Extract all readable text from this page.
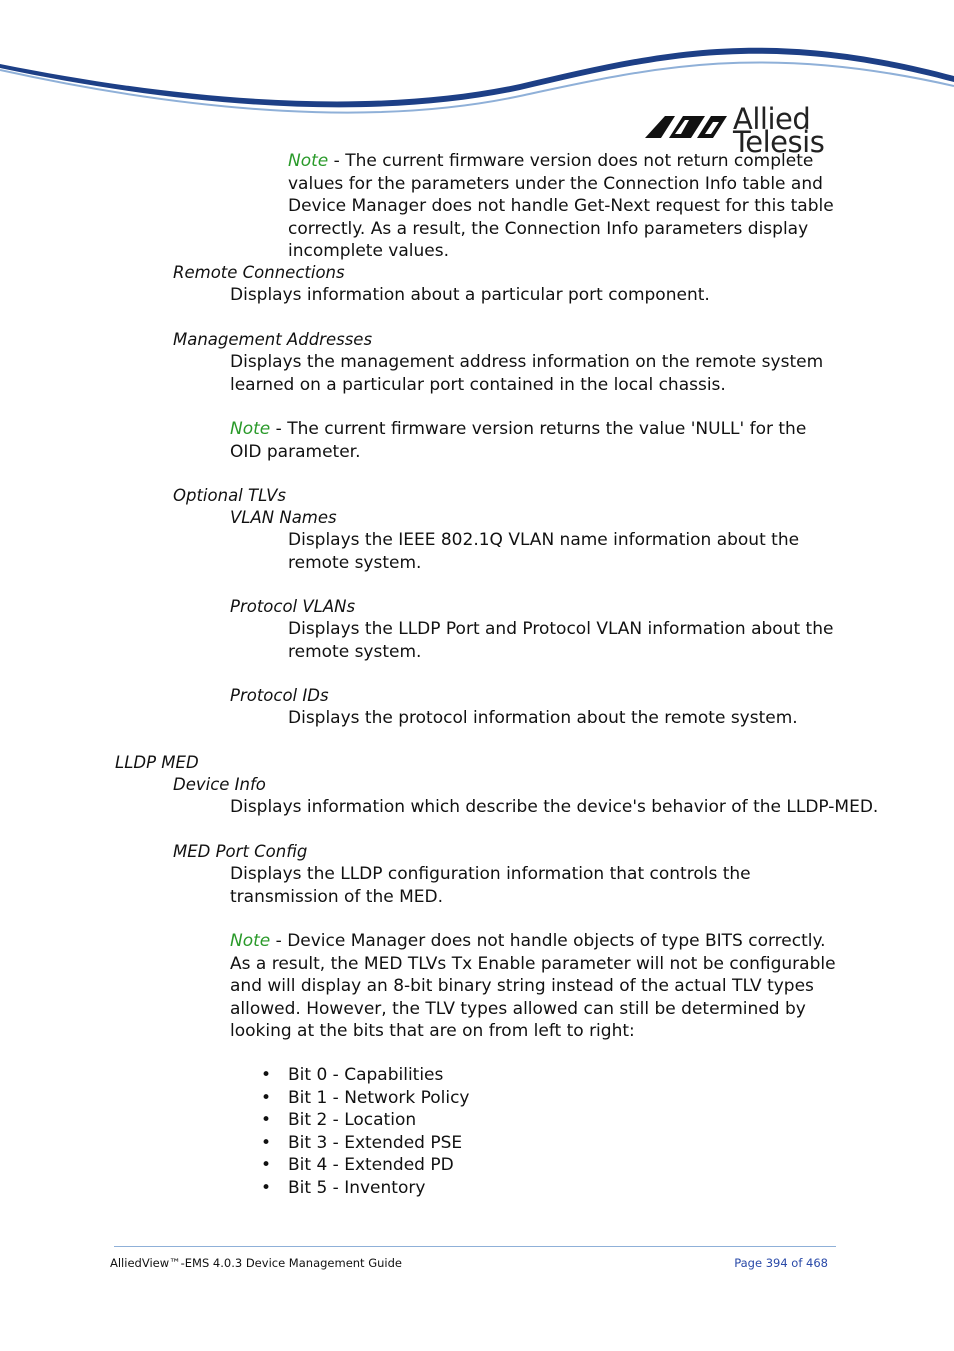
Allied Telesis
Note - The current firmware version does not return complete values for the parameters under the Connection Info table and Device Manager does not handle Get-Next request for this table correctly. As a result, the Connection Info parameters display incomplete values.
Remote Connections
Displays information about a particular port component.
Management Addresses
Displays the management address information on the remote system learned on a particular port contained in the local chassis.
Note - The current firmware version returns the value 'NULL' for the OID parameter.
Optional TLVs
VLAN Names
Displays the IEEE 802.1Q VLAN name information about the remote system.
Protocol VLANs
Displays the LLDP Port and Protocol VLAN information about the remote system.
Protocol IDs
Displays the protocol information about the remote system.
LLDP MED
Device Info
Displays information which describe the device's behavior of the LLDP-MED.
MED Port Config
Displays the LLDP configuration information that controls the transmission of the MED.
Note - Device Manager does not handle objects of type BITS correctly. As a result, the MED TLVs Tx Enable parameter will not be configurable and will display an 8-bit binary string instead of the actual TLV types allowed. However, the TLV types allowed can still be determined by looking at the bits that are on from left to right:
• Bit 0 - Capabilities
• Bit 1 - Network Policy
• Bit 2 - Location
• Bit 3 - Extended PSE
• Bit 4 - Extended PD
• Bit 5 - Inventory
AlliedView™-EMS 4.0.3 Device Management Guide	Page 394 of 468
